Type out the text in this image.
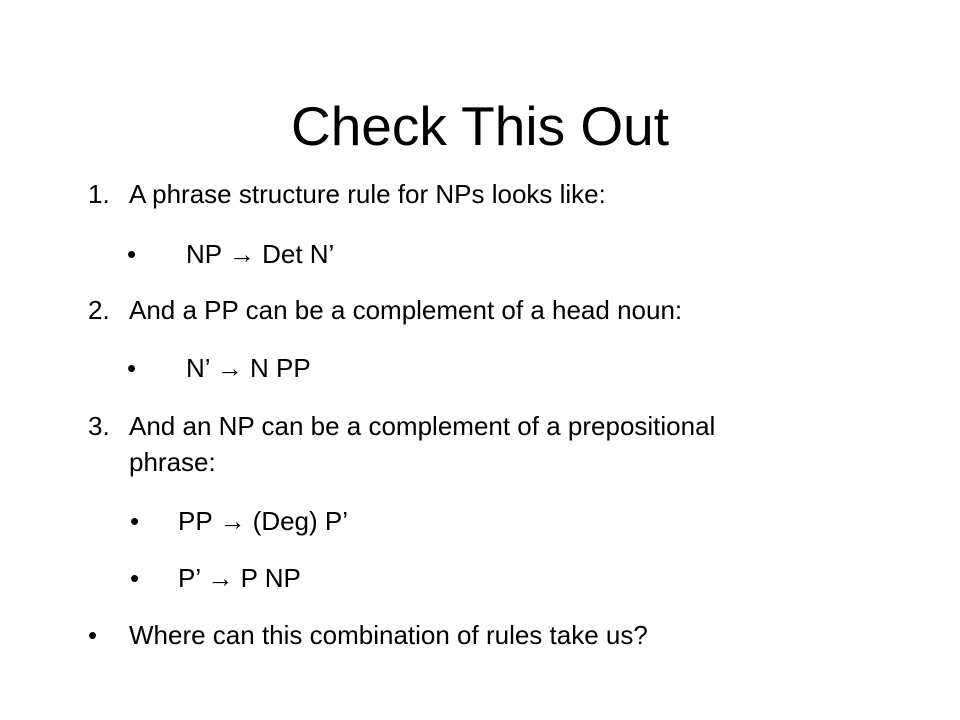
Check This Out
1. A phrase structure rule for NPs looks like:
• NP → Det N’
2. And a PP can be a complement of a head noun:
• N’ → N PP
3. And an NP can be a complement of a prepositional
phrase:
• PP → (Deg) P’
• P’ → P NP
• Where can this combination of rules take us?
